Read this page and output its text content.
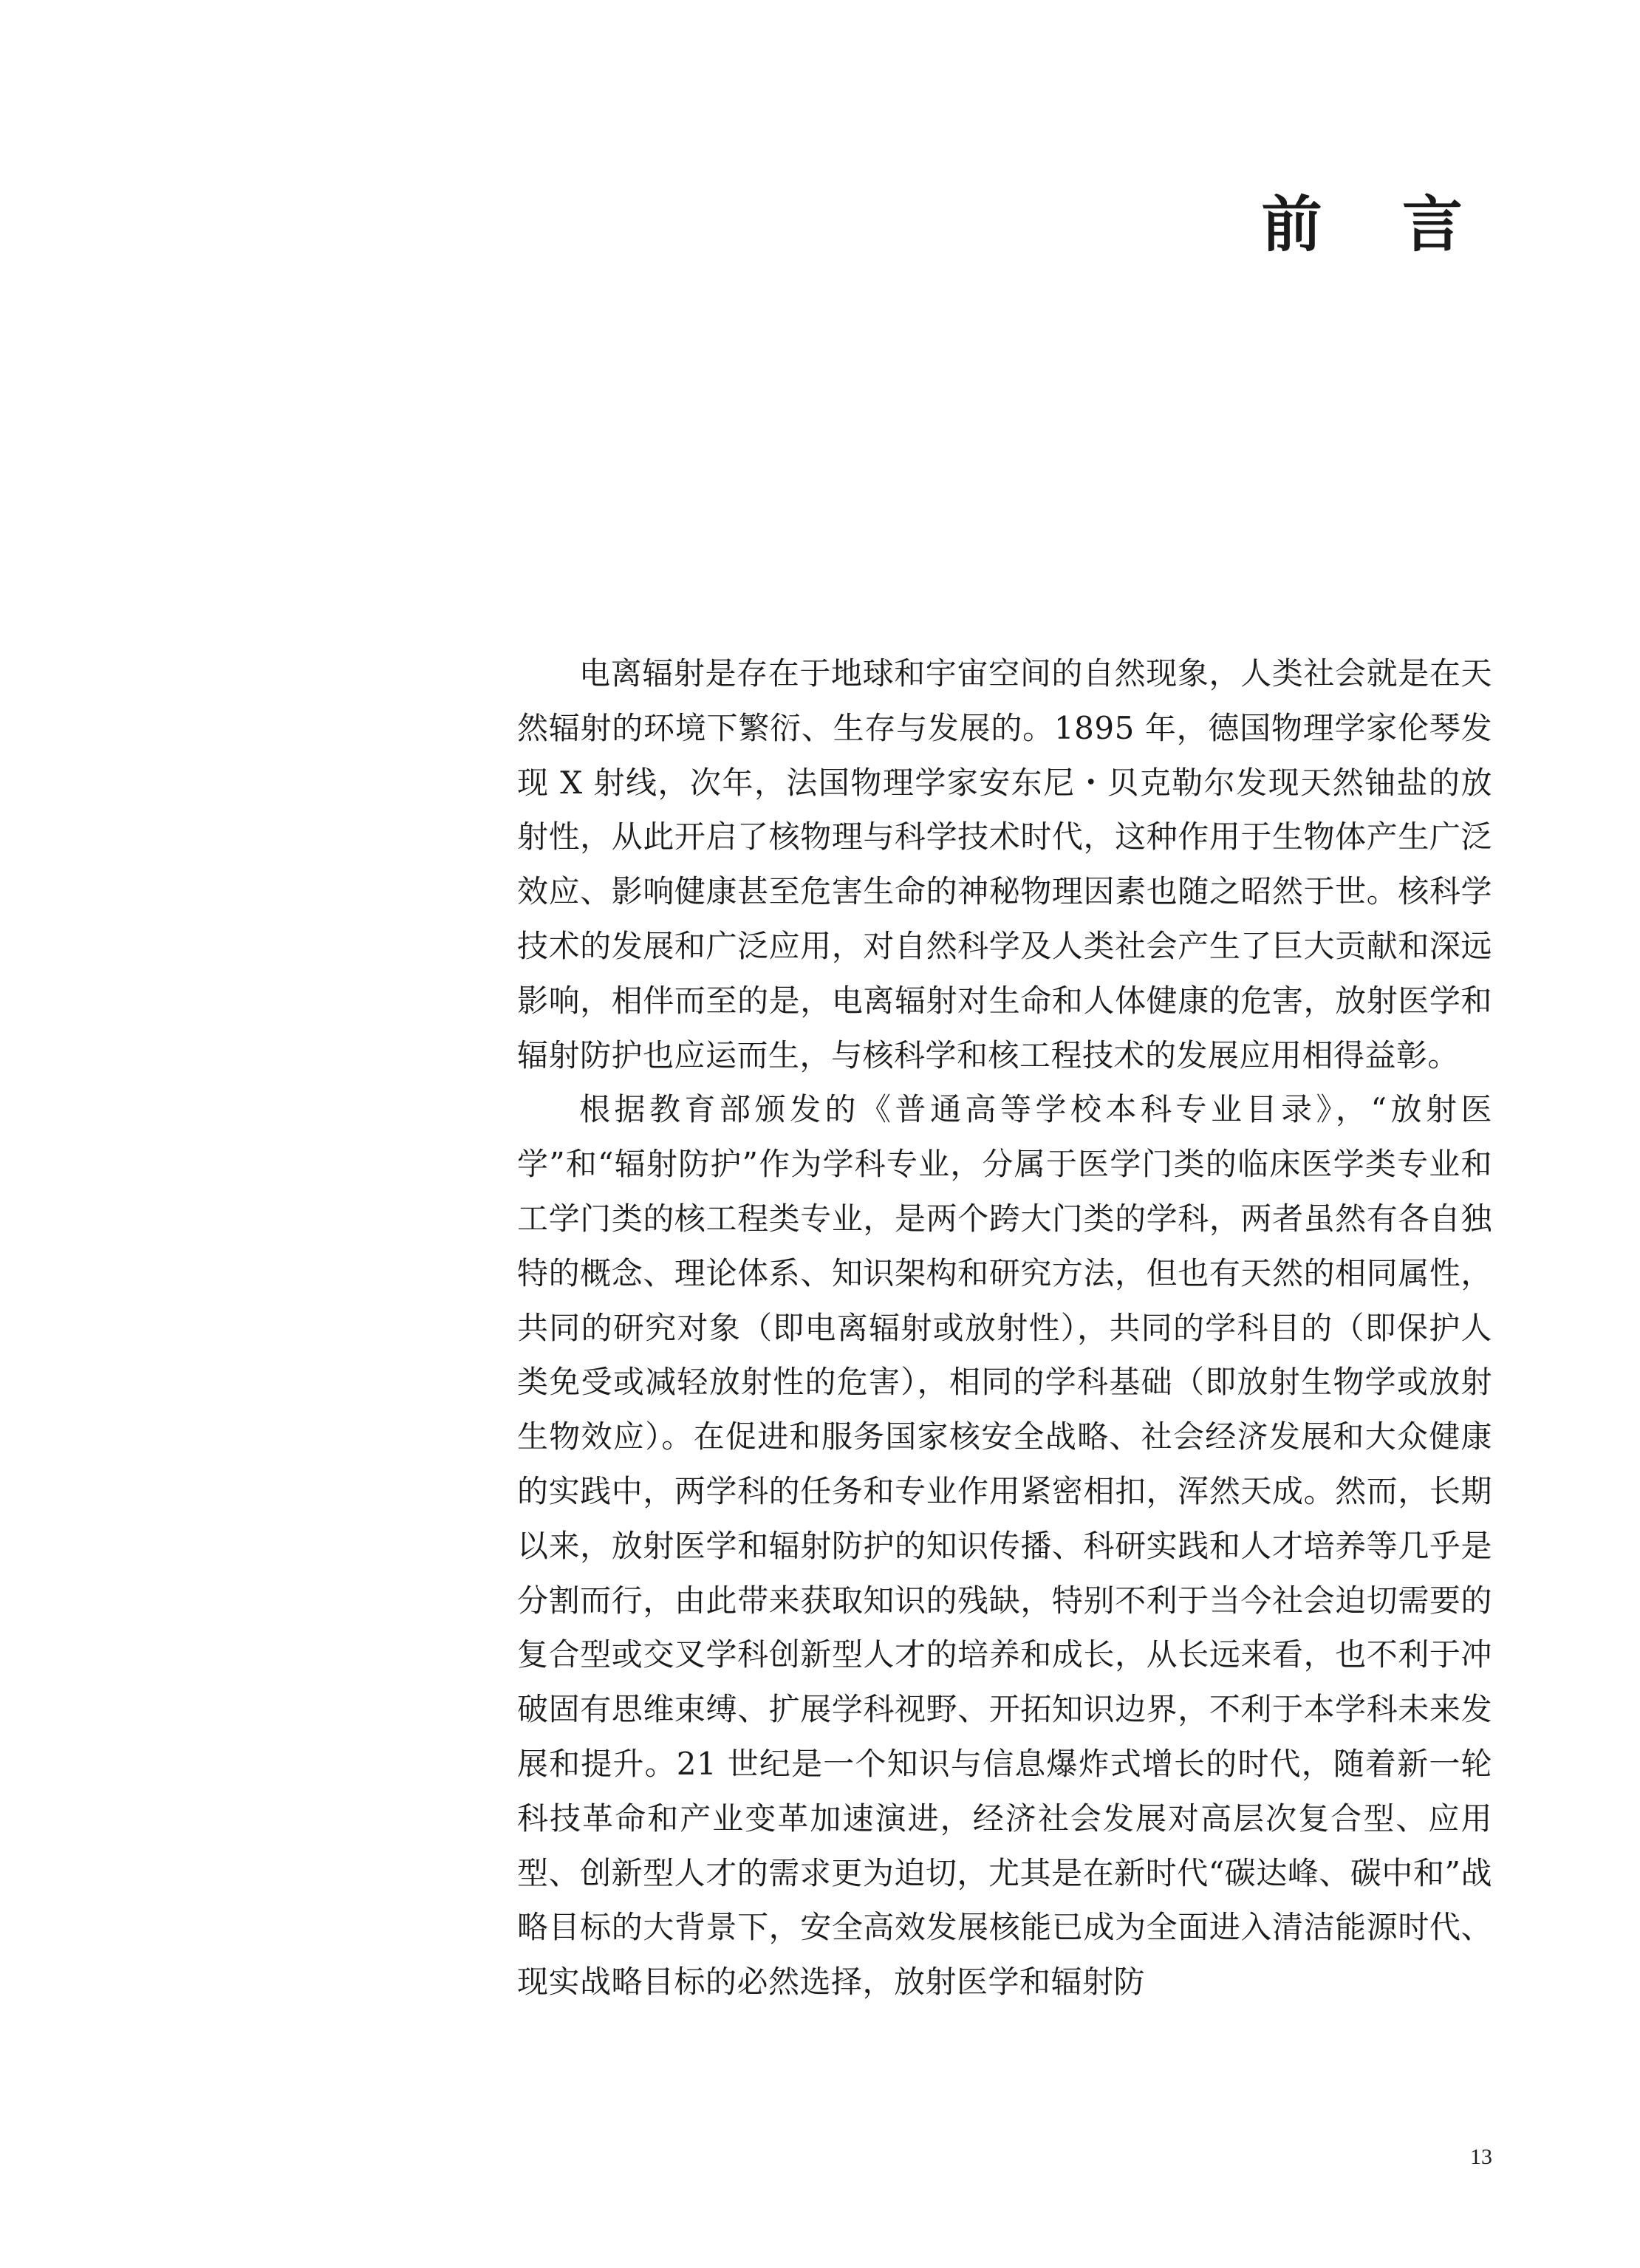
前 言

电离辐射是存在于地球和宇宙空间的自然现象，人类社会就是在天然辐射的环境下繁衍、生存与发展的。1895 年，德国物理学家伦琴发现 X 射线，次年，法国物理学家安东尼・贝克勒尔发现天然铀盐的放射性，从此开启了核物理与科学技术时代，这种作用于生物体产生广泛效应、影响健康甚至危害生命的神秘物理因素也随之昭然于世。核科学技术的发展和广泛应用，对自然科学及人类社会产生了巨大贡献和深远影响，相伴而至的是，电离辐射对生命和人体健康的危害，放射医学和辐射防护也应运而生，与核科学和核工程技术的发展应用相得益彰。

根据教育部颁发的《普通高等学校本科专业目录》，“放射医学”和“辐射防护”作为学科专业，分属于医学门类的临床医学类专业和工学门类的核工程类专业，是两个跨大门类的学科，两者虽然有各自独特的概念、理论体系、知识架构和研究方法，但也有天然的相同属性，共同的研究对象（即电离辐射或放射性），共同的学科目的（即保护人类免受或减轻放射性的危害），相同的学科基础（即放射生物学或放射生物效应）。在促进和服务国家核安全战略、社会经济发展和大众健康的实践中，两学科的任务和专业作用紧密相扣，浑然天成。然而，长期以来，放射医学和辐射防护的知识传播、科研实践和人才培养等几乎是分割而行，由此带来获取知识的残缺，特别不利于当今社会迫切需要的复合型或交叉学科创新型人才的培养和成长，从长远来看，也不利于冲破固有思维束缚、扩展学科视野、开拓知识边界，不利于本学科未来发展和提升。21 世纪是一个知识与信息爆炸式增长的时代，随着新一轮科技革命和产业变革加速演进，经济社会发展对高层次复合型、应用型、创新型人才的需求更为迫切，尤其是在新时代“碳达峰、碳中和”战略目标的大背景下，安全高效发展核能已成为全面进入清洁能源时代、现实战略目标的必然选择，放射医学和辐射防

13
